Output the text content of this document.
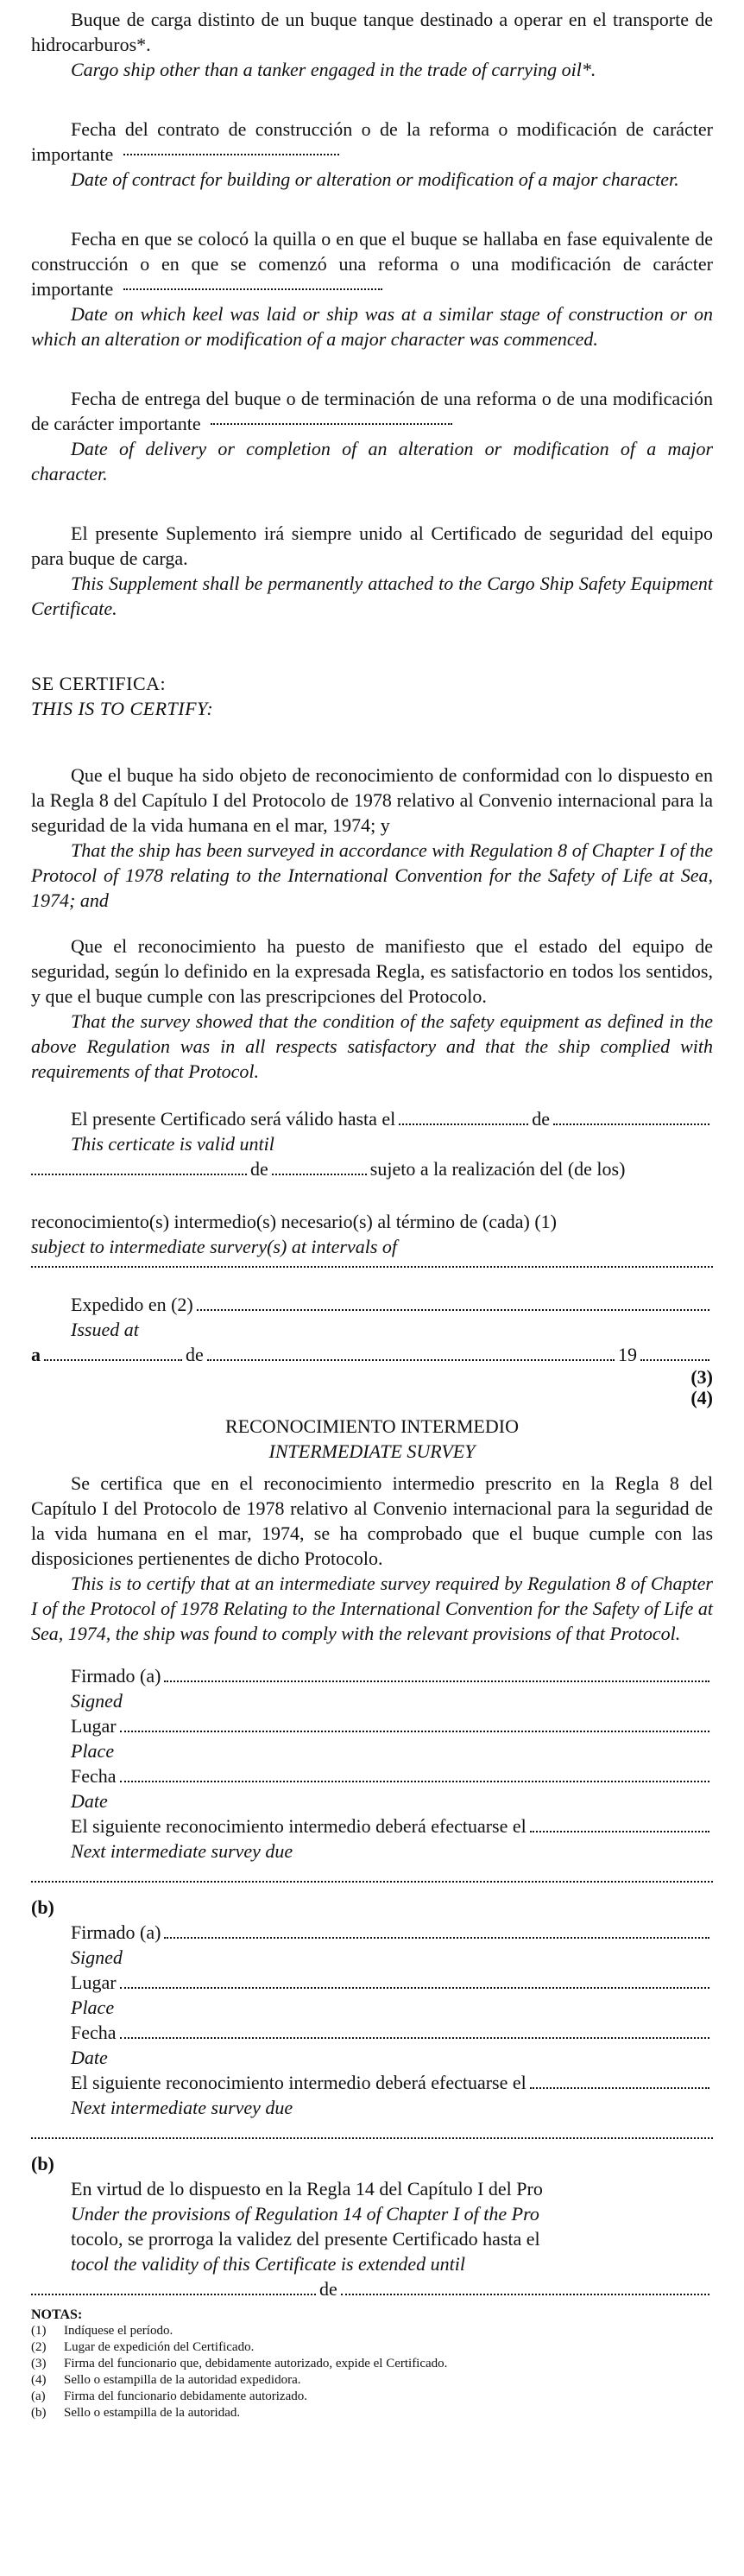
Buque de carga distinto de un buque tanque destinado a operar en el transporte de hidrocarburos*.

Cargo ship other than a tanker engaged in the trade of carrying oil*.

Fecha del contrato de construcción o de la reforma o modificación de carácter importante

Date of contract for building or alteration or modification of a major character.

Fecha en que se colocó la quilla o en que el buque se hallaba en fase equivalente de construcción o en que se comenzó una reforma o una modificación de carácter importante

Date on which keel was laid or ship was at a similar stage of construction or on which an alteration or modification of a major character was commenced.

Fecha de entrega del buque o de terminación de una reforma o de una modificación de carácter importante

Date of delivery or completion of an alteration or modification of a major character.

El presente Suplemento irá siempre unido al Certificado de seguridad del equipo para buque de carga.

This Supplement shall be permanently attached to the Cargo Ship Safety Equipment Certificate.

SE CERTIFICA:

THIS IS TO CERTIFY:

Que el buque ha sido objeto de reconocimiento de conformidad con lo dispuesto en la Regla 8 del Capítulo I del Protocolo de 1978 relativo al Convenio internacional para la seguridad de la vida humana en el mar, 1974; y

That the ship has been surveyed in accordance with Regulation 8 of Chapter I of the Protocol of 1978 relating to the International Convention for the Safety of Life at Sea, 1974; and

Que el reconocimiento ha puesto de manifiesto que el estado del equipo de seguridad, según lo definido en la expresada Regla, es satisfactorio en todos los sentidos, y que el buque cumple con las prescripciones del Protocolo.

That the survey showed that the condition of the safety equipment as defined in the above Regulation was in all respects satisfactory and that the ship complied with requirements of that Protocol.

El presente Certificado será válido hasta el	de

This certicate is valid until

de	sujeto a la realización del (de los)

reconocimiento(s) intermedio(s) necesario(s) al término de (cada) (1)

subject to intermediate survery(s) at intervals of

Expedido en (2)

Issued at

a	de	19

(3)

(4)

RECONOCIMIENTO INTERMEDIO

INTERMEDIATE SURVEY

Se certifica que en el reconocimiento intermedio prescrito en la Regla 8 del Capítulo I del Protocolo de 1978 relativo al Convenio internacional para la seguridad de la vida humana en el mar, 1974, se ha comprobado que el buque cumple con las disposiciones pertienentes de dicho Protocolo.

This is to certify that at an intermediate survey required by Regulation 8 of Chapter I of the Protocol of 1978 Relating to the International Convention for the Safety of Life at Sea, 1974, the ship was found to comply with the relevant provisions of that Protocol.

Firmado (a)

Signed

Lugar

Place

Fecha

Date

El siguiente reconocimiento intermedio deberá efectuarse el

Next intermediate survey due

(b)

Firmado (a)

Signed

Lugar

Place

Fecha

Date

El siguiente reconocimiento intermedio deberá efectuarse el

Next intermediate survey due

(b)

En virtud de lo dispuesto en la Regla 14 del Capítulo I del Pro

Under the provisions of Regulation 14 of Chapter I of the Pro

tocolo, se prorroga la validez del presente Certificado hasta el

tocol the validity of this Certificate is extended until

de

NOTAS:

(1)	Indíquese el período.
(2)	Lugar de expedición del Certificado.
(3)	Firma del funcionario que, debidamente autorizado, expide el Certificado.
(4)	Sello o estampilla de la autoridad expedidora.
(a)	Firma del funcionario debidamente autorizado.
(b)	Sello o estampilla de la autoridad.
